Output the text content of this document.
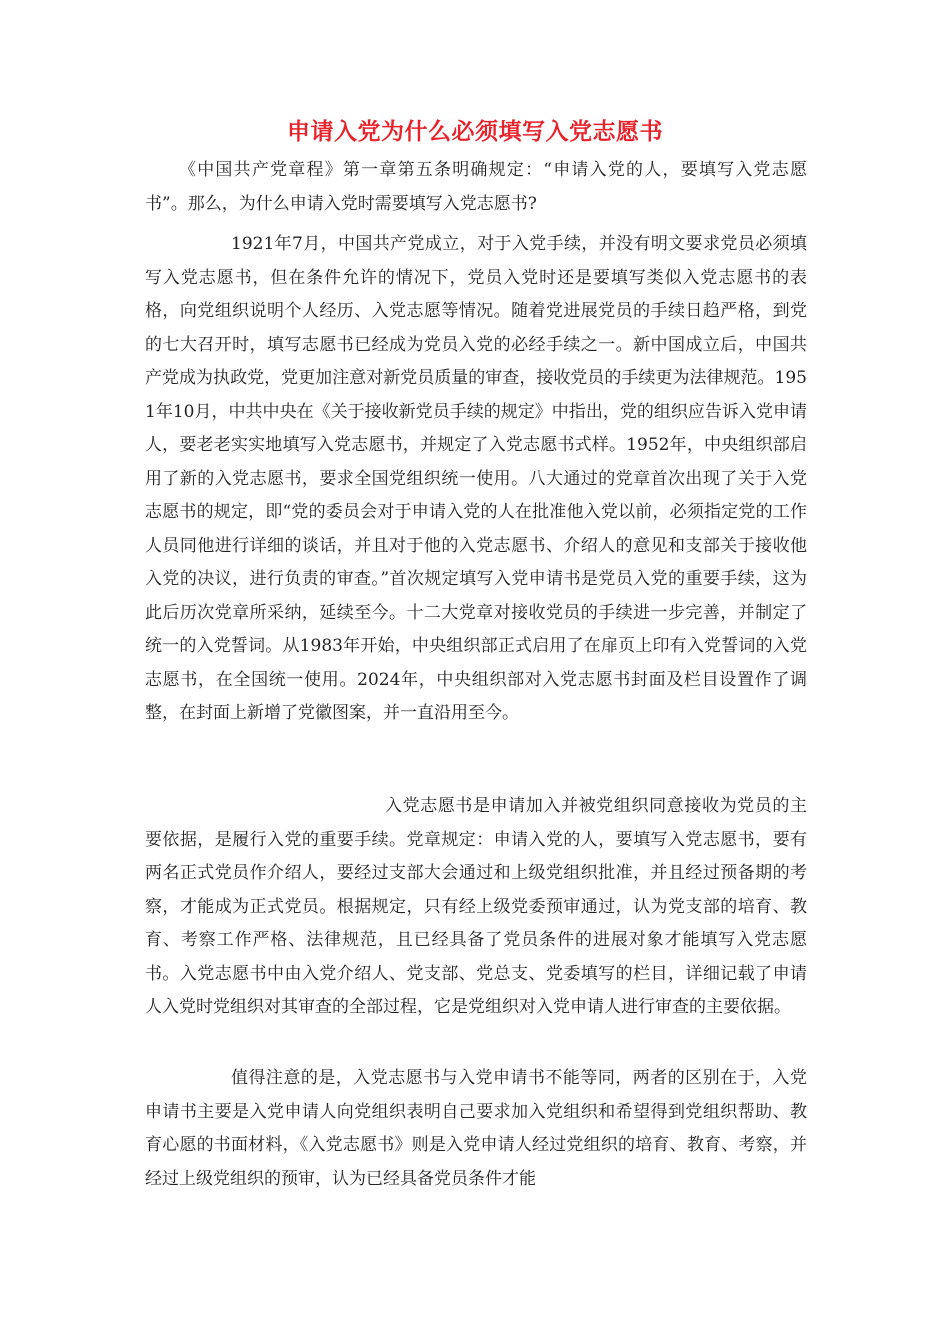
申请入党为什么必须填写入党志愿书

《中国共产党章程》第一章第五条明确规定：“申请入党的人，要填写入党志愿书”。那么，为什么申请入党时需要填写入党志愿书?

1921年7月，中国共产党成立，对于入党手续，并没有明文要求党员必须填写入党志愿书，但在条件允许的情况下，党员入党时还是要填写类似入党志愿书的表格，向党组织说明个人经历、入党志愿等情况。随着党进展党员的手续日趋严格，到党的七大召开时，填写志愿书已经成为党员入党的必经手续之一。新中国成立后，中国共产党成为执政党，党更加注意对新党员质量的审查，接收党员的手续更为法律规范。1951年10月，中共中央在《关于接收新党员手续的规定》中指出，党的组织应告诉入党申请人，要老老实实地填写入党志愿书，并规定了入党志愿书式样。1952年，中央组织部启用了新的入党志愿书，要求全国党组织统一使用。八大通过的党章首次出现了关于入党志愿书的规定，即“党的委员会对于申请入党的人在批准他入党以前，必须指定党的工作人员同他进行详细的谈话，并且对于他的入党志愿书、介绍人的意见和支部关于接收他入党的决议，进行负责的审查。”首次规定填写入党申请书是党员入党的重要手续，这为此后历次党章所采纳，延续至今。十二大党章对接收党员的手续进一步完善，并制定了统一的入党誓词。从1983年开始，中央组织部正式启用了在扉页上印有入党誓词的入党志愿书，在全国统一使用。2024年，中央组织部对入党志愿书封面及栏目设置作了调整，在封面上新增了党徽图案，并一直沿用至今。

入党志愿书是申请加入并被党组织同意接收为党员的主要依据，是履行入党的重要手续。党章规定：申请入党的人，要填写入党志愿书，要有两名正式党员作介绍人，要经过支部大会通过和上级党组织批准，并且经过预备期的考察，才能成为正式党员。根据规定，只有经上级党委预审通过，认为党支部的培育、教育、考察工作严格、法律规范，且已经具备了党员条件的进展对象才能填写入党志愿书。入党志愿书中由入党介绍人、党支部、党总支、党委填写的栏目，详细记载了申请人入党时党组织对其审查的全部过程，它是党组织对入党申请人进行审查的主要依据。

值得注意的是，入党志愿书与入党申请书不能等同，两者的区别在于，入党申请书主要是入党申请人向党组织表明自己要求加入党组织和希望得到党组织帮助、教育心愿的书面材料，《入党志愿书》则是入党申请人经过党组织的培育、教育、考察，并经过上级党组织的预审，认为已经具备党员条件才能
